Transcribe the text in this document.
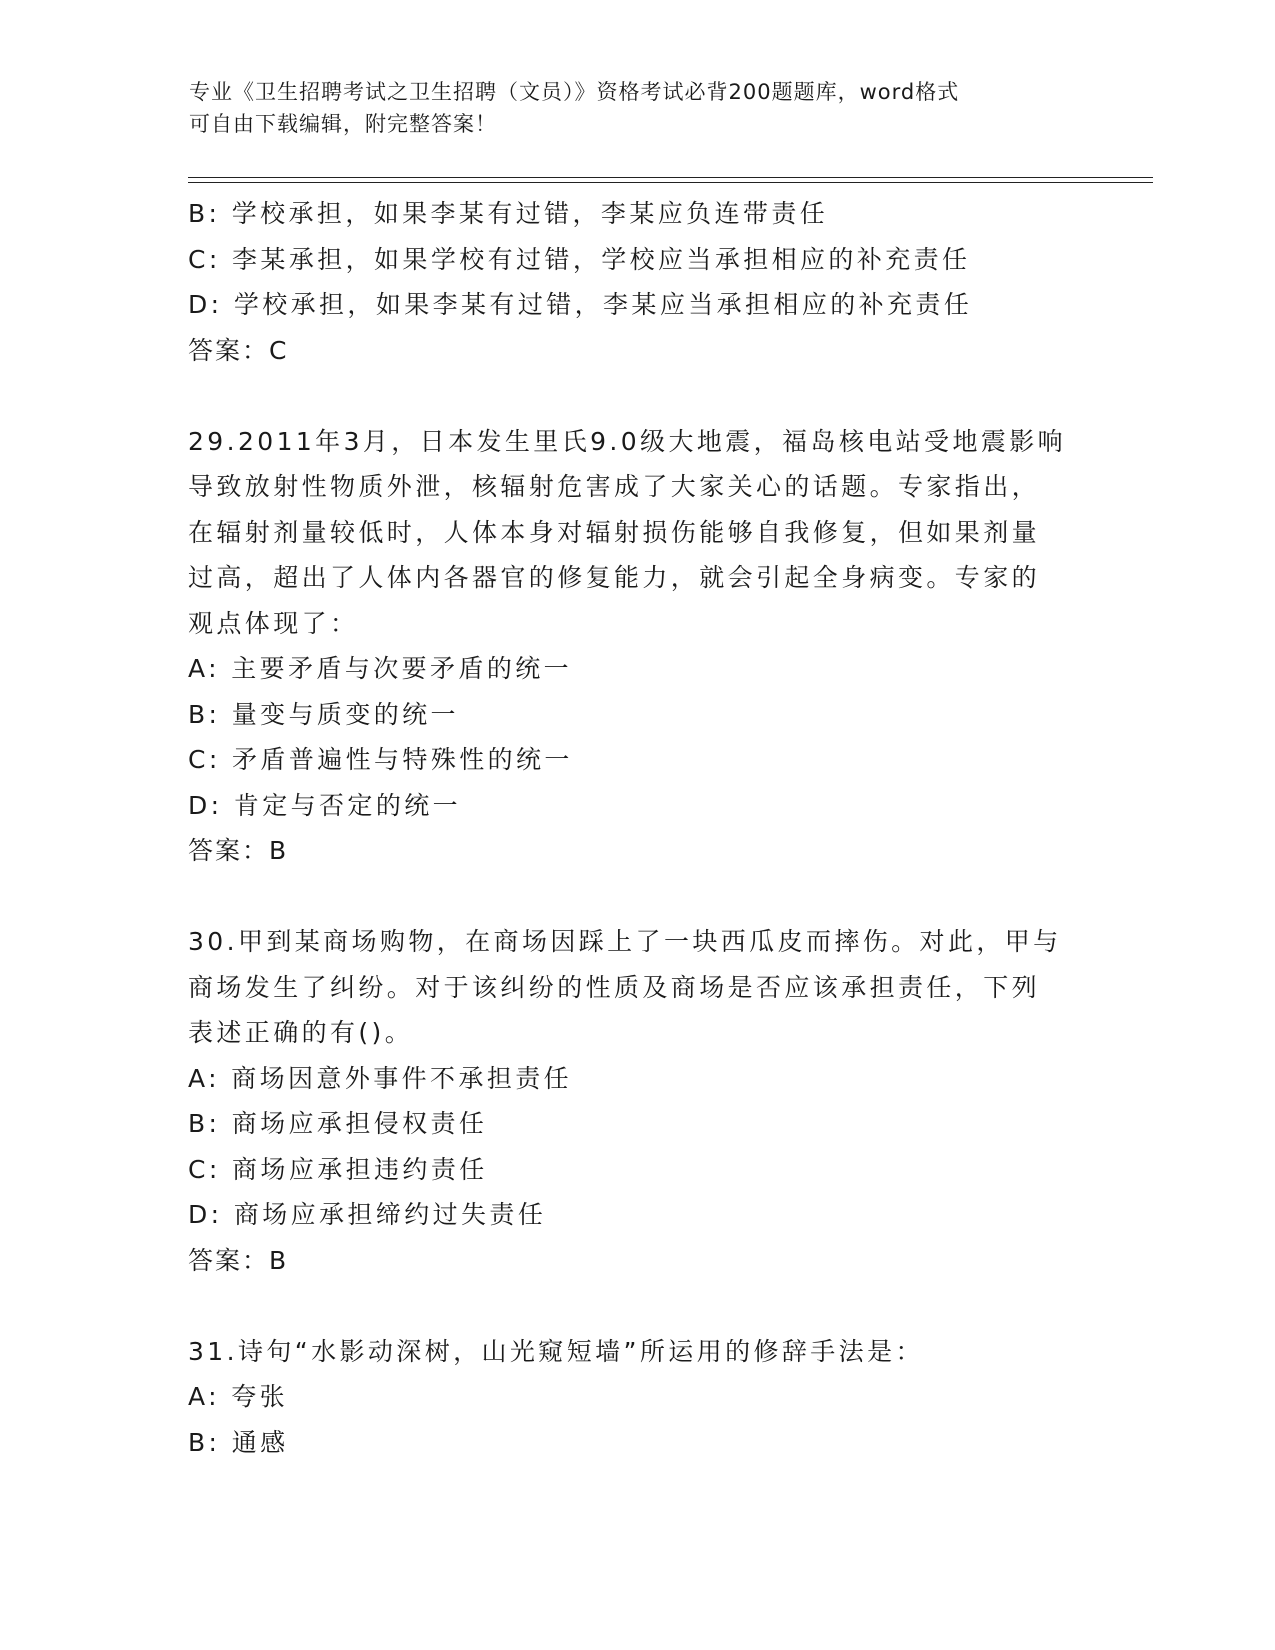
专业《卫生招聘考试之卫生招聘（文员）》资格考试必背200题题库，word格式
可自由下载编辑，附完整答案！
B: 学校承担，如果李某有过错，李某应负连带责任
C: 李某承担，如果学校有过错，学校应当承担相应的补充责任
D: 学校承担，如果李某有过错，李某应当承担相应的补充责任
答案：C
29.2011年3月，日本发生里氏9.0级大地震，福岛核电站受地震影响
导致放射性物质外泄，核辐射危害成了大家关心的话题。专家指出，
在辐射剂量较低时，人体本身对辐射损伤能够自我修复，但如果剂量
过高，超出了人体内各器官的修复能力，就会引起全身病变。专家的
观点体现了：
A: 主要矛盾与次要矛盾的统一
B: 量变与质变的统一
C: 矛盾普遍性与特殊性的统一
D: 肯定与否定的统一
答案：B
30.甲到某商场购物，在商场因踩上了一块西瓜皮而摔伤。对此，甲与
商场发生了纠纷。对于该纠纷的性质及商场是否应该承担责任，下列
表述正确的有()。
A: 商场因意外事件不承担责任
B: 商场应承担侵权责任
C: 商场应承担违约责任
D: 商场应承担缔约过失责任
答案：B
31.诗句“水影动深树，山光窥短墙”所运用的修辞手法是：
A: 夸张
B: 通感
